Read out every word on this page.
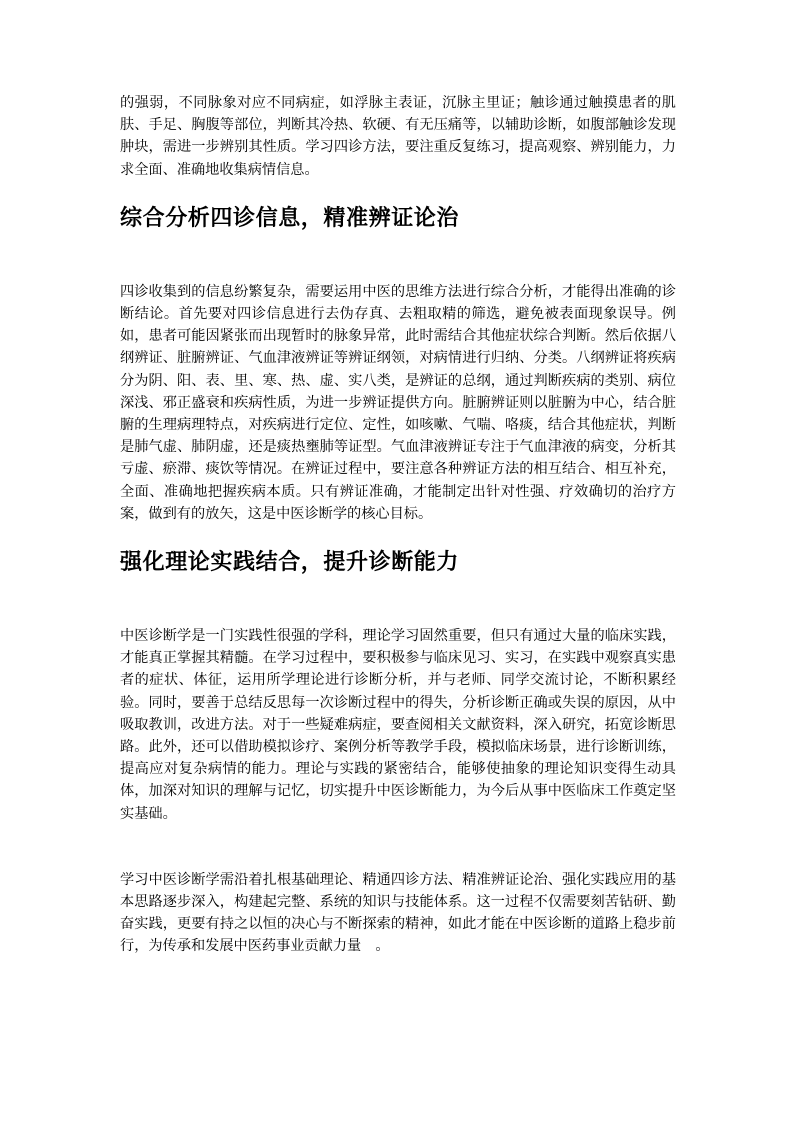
的强弱，不同脉象对应不同病症，如浮脉主表证，沉脉主里证；触诊通过触摸患者的肌肤、手足、胸腹等部位，判断其冷热、软硬、有无压痛等，以辅助诊断，如腹部触诊发现肿块，需进一步辨别其性质。学习四诊方法，要注重反复练习，提高观察、辨别能力，力求全面、准确地收集病情信息。

综合分析四诊信息，精准辨证论治

四诊收集到的信息纷繁复杂，需要运用中医的思维方法进行综合分析，才能得出准确的诊断结论。首先要对四诊信息进行去伪存真、去粗取精的筛选，避免被表面现象误导。例如，患者可能因紧张而出现暂时的脉象异常，此时需结合其他症状综合判断。然后依据八纲辨证、脏腑辨证、气血津液辨证等辨证纲领，对病情进行归纳、分类。八纲辨证将疾病分为阴、阳、表、里、寒、热、虚、实八类，是辨证的总纲，通过判断疾病的类别、病位深浅、邪正盛衰和疾病性质，为进一步辨证提供方向。脏腑辨证则以脏腑为中心，结合脏腑的生理病理特点，对疾病进行定位、定性，如咳嗽、气喘、咯痰，结合其他症状，判断是肺气虚、肺阴虚，还是痰热壅肺等证型。气血津液辨证专注于气血津液的病变，分析其亏虚、瘀滞、痰饮等情况。在辨证过程中，要注意各种辨证方法的相互结合、相互补充，全面、准确地把握疾病本质。只有辨证准确，才能制定出针对性强、疗效确切的治疗方案，做到有的放矢，这是中医诊断学的核心目标。

强化理论实践结合，提升诊断能力

中医诊断学是一门实践性很强的学科，理论学习固然重要，但只有通过大量的临床实践，才能真正掌握其精髓。在学习过程中，要积极参与临床见习、实习，在实践中观察真实患者的症状、体征，运用所学理论进行诊断分析，并与老师、同学交流讨论，不断积累经验。同时，要善于总结反思每一次诊断过程中的得失，分析诊断正确或失误的原因，从中吸取教训，改进方法。对于一些疑难病症，要查阅相关文献资料，深入研究，拓宽诊断思路。此外，还可以借助模拟诊疗、案例分析等教学手段，模拟临床场景，进行诊断训练，提高应对复杂病情的能力。理论与实践的紧密结合，能够使抽象的理论知识变得生动具体，加深对知识的理解与记忆，切实提升中医诊断能力，为今后从事中医临床工作奠定坚实基础。

学习中医诊断学需沿着扎根基础理论、精通四诊方法、精准辨证论治、强化实践应用的基本思路逐步深入，构建起完整、系统的知识与技能体系。这一过程不仅需要刻苦钻研、勤奋实践，更要有持之以恒的决心与不断探索的精神，如此才能在中医诊断的道路上稳步前行，为传承和发展中医药事业贡献力量　。
